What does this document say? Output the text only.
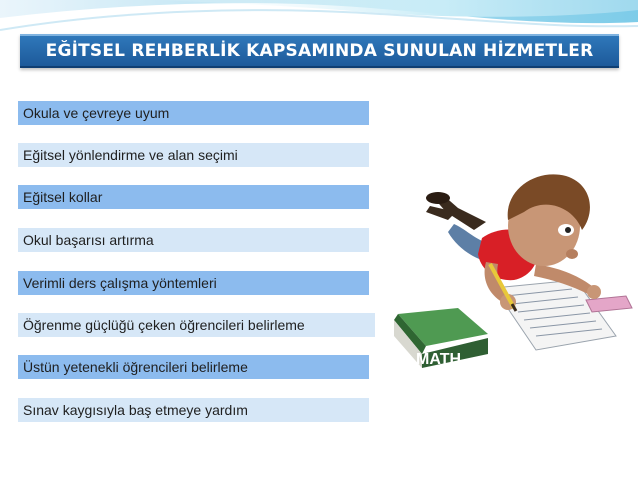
EĞİTSEL REHBERLİK KAPSAMINDA SUNULAN HİZMETLER
Okula ve çevreye uyum
Eğitsel yönlendirme ve alan seçimi
Eğitsel kollar
Okul başarısı artırma
Verimli ders çalışma yöntemleri
Öğrenme güçlüğü çeken öğrencileri belirleme
Üstün yetenekli öğrencileri belirleme
Sınav kaygısıyla baş etmeye yardım
MATH
